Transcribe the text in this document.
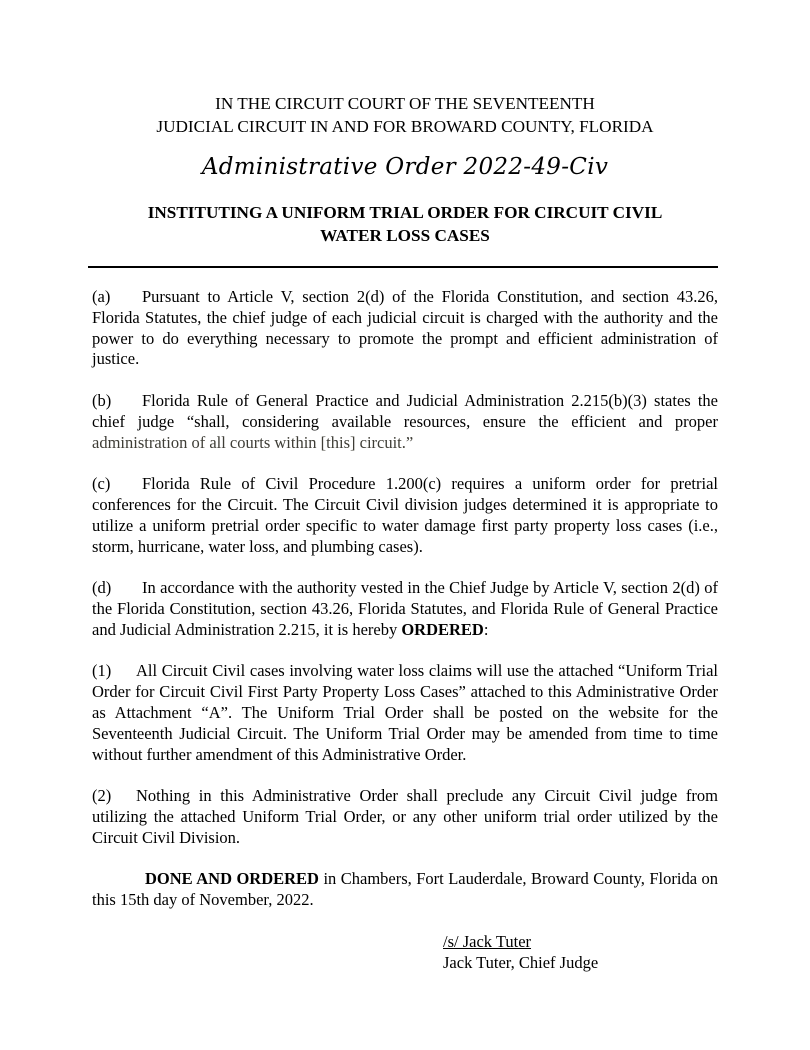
IN THE CIRCUIT COURT OF THE SEVENTEENTH
JUDICIAL CIRCUIT IN AND FOR BROWARD COUNTY, FLORIDA
Administrative Order 2022-49-Civ
INSTITUTING A UNIFORM TRIAL ORDER FOR CIRCUIT CIVIL
WATER LOSS CASES

(a) Pursuant to Article V, section 2(d) of the Florida Constitution, and section 43.26, Florida Statutes, the chief judge of each judicial circuit is charged with the authority and the power to do everything necessary to promote the prompt and efficient administration of justice.

(b) Florida Rule of General Practice and Judicial Administration 2.215(b)(3) states the chief judge “shall, considering available resources, ensure the efficient and proper administration of all courts within [this] circuit.”

(c) Florida Rule of Civil Procedure 1.200(c) requires a uniform order for pretrial conferences for the Circuit. The Circuit Civil division judges determined it is appropriate to utilize a uniform pretrial order specific to water damage first party property loss cases (i.e., storm, hurricane, water loss, and plumbing cases).

(d) In accordance with the authority vested in the Chief Judge by Article V, section 2(d) of the Florida Constitution, section 43.26, Florida Statutes, and Florida Rule of General Practice and Judicial Administration 2.215, it is hereby ORDERED:

(1) All Circuit Civil cases involving water loss claims will use the attached “Uniform Trial Order for Circuit Civil First Party Property Loss Cases” attached to this Administrative Order as Attachment “A”. The Uniform Trial Order shall be posted on the website for the Seventeenth Judicial Circuit. The Uniform Trial Order may be amended from time to time without further amendment of this Administrative Order.

(2) Nothing in this Administrative Order shall preclude any Circuit Civil judge from utilizing the attached Uniform Trial Order, or any other uniform trial order utilized by the Circuit Civil Division.

DONE AND ORDERED in Chambers, Fort Lauderdale, Broward County, Florida on this 15th day of November, 2022.

/s/ Jack Tuter
Jack Tuter, Chief Judge
